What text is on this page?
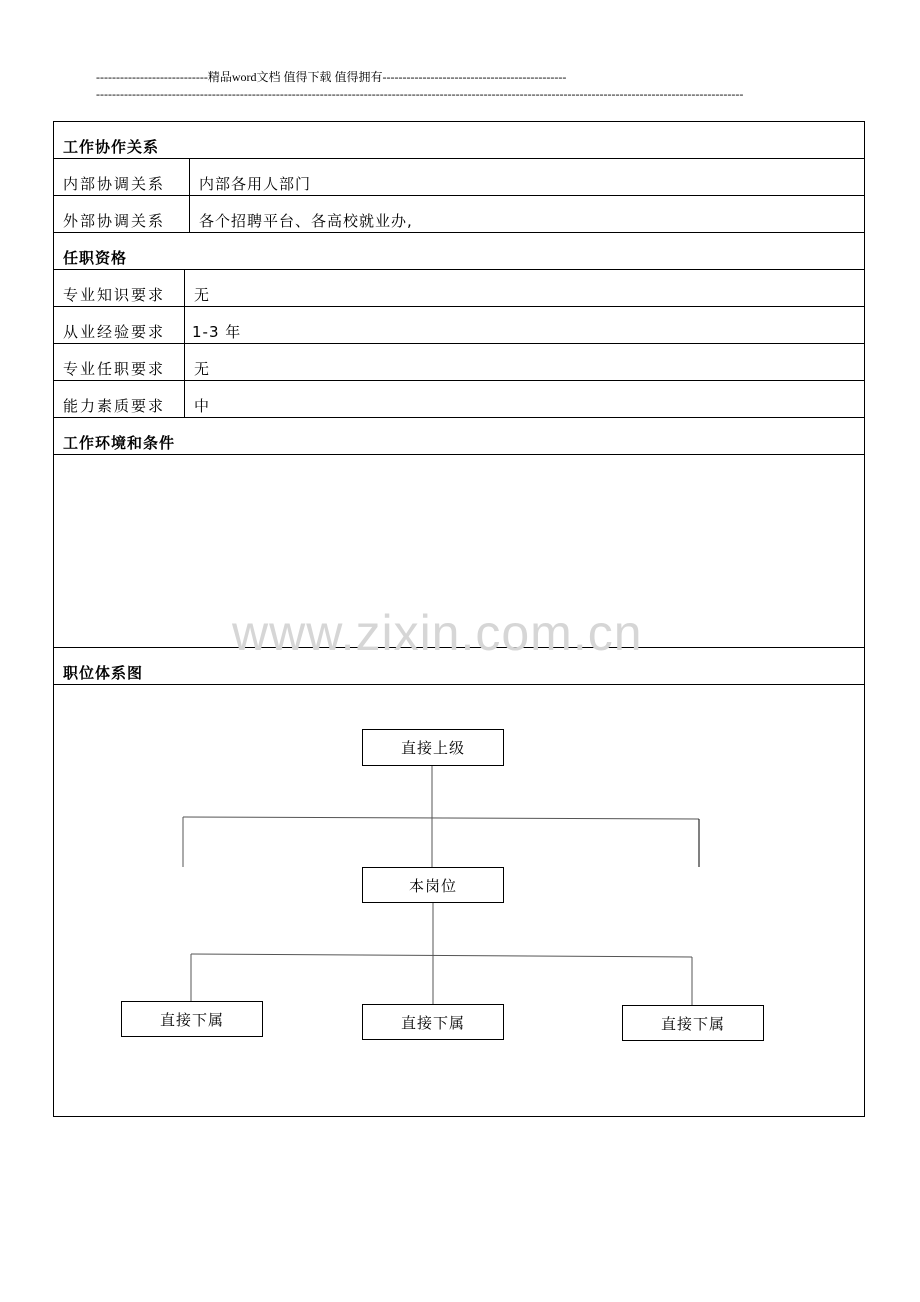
----------------------------精品word文档 值得下载 值得拥有----------------------------------------------
------------------------------------------------------------------------------------------------------------------------------------------------------------------
工作协作关系
内部协调关系 内部各用人部门
外部协调关系 各个招聘平台、各高校就业办,
任职资格
专业知识要求 无
从业经验要求 1-3 年
专业任职要求 无
能力素质要求 中
工作环境和条件
职位体系图
www.zixin.com.cn
直接上级
本岗位
直接下属	直接下属	直接下属
